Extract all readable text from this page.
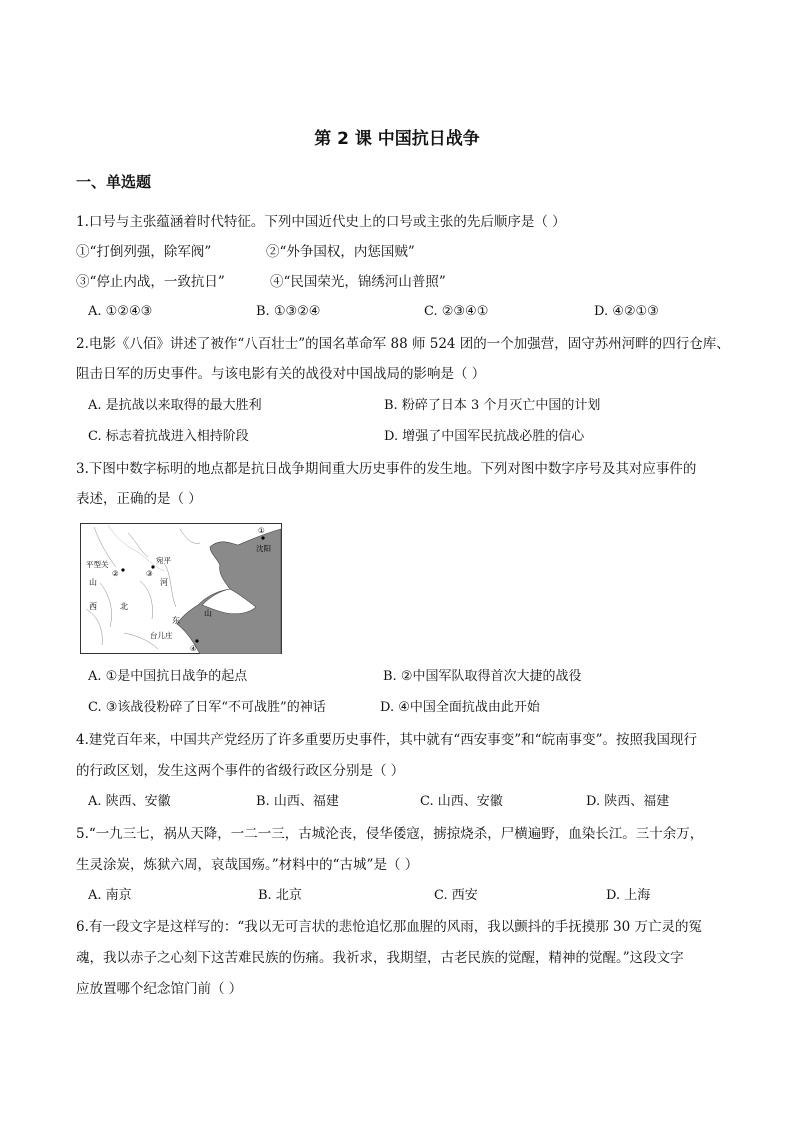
第 2 课 中国抗日战争
一、单选题
1.口号与主张蕴涵着时代特征。下列中国近代史上的口号或主张的先后顺序是（ ）
①“打倒列强，除军阀”	②“外争国权，内惩国贼”
③“停止内战，一致抗日”	④“民国荣光，锦绣河山普照”
A. ①②④③	B. ①③②④	C. ②③④①	D. ④②①③
2.电影《八佰》讲述了被作“八百壮士”的国名革命军 88 师 524 团的一个加强营，固守苏州河畔的四行仓库、
阻击日军的历史事件。与该电影有关的战役对中国战局的影响是（ ）
A. 是抗战以来取得的最大胜利	B. 粉碎了日本 3 个月灭亡中国的计划
C. 标志着抗战进入相持阶段	D. 增强了中国军民抗战必胜的信心
3.下图中数字标明的地点都是抗日战争期间重大历史事件的发生地。下列对图中数字序号及其对应事件的
表述，正确的是（ ）
①
沈阳
平型关
②
宛平
③
山	河
西	北
东
山
台儿庄
④
A. ①是中国抗日战争的起点	B. ②中国军队取得首次大捷的战役
C. ③该战役粉碎了日军“不可战胜”的神话	D. ④中国全面抗战由此开始
4.建党百年来，中国共产党经历了许多重要历史事件，其中就有“西安事变”和“皖南事变”。按照我国现行
的行政区划，发生这两个事件的省级行政区分别是（ ）
A. 陕西、安徽	B. 山西、福建	C. 山西、安徽	D. 陕西、福建
5.“一九三七，祸从天降，一二一三，古城沦丧，侵华倭寇，掳掠烧杀，尸横遍野，血染长江。三十余万，
生灵涂炭，炼狱六周，哀哉国殇。”材料中的“古城”是（ ）
A. 南京	B. 北京	C. 西安	D. 上海
6.有一段文字是这样写的：“我以无可言状的悲怆追忆那血腥的风雨，我以颤抖的手抚摸那 30 万亡灵的冤
魂，我以赤子之心刻下这苦难民族的伤痛。我祈求，我期望，古老民族的觉醒，精神的觉醒。”这段文字
应放置哪个纪念馆门前（ ）
